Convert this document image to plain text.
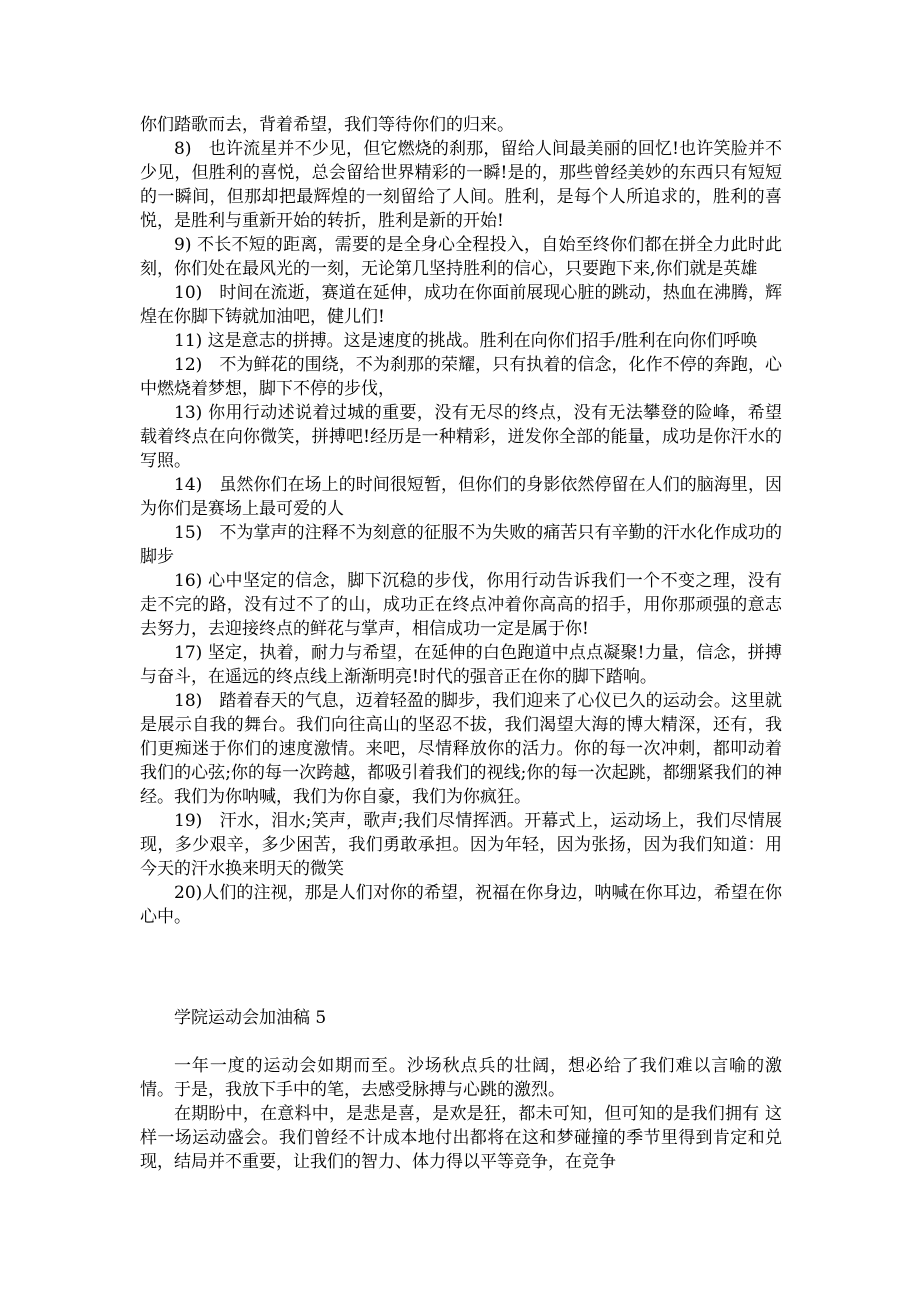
你们踏歌而去，背着希望，我们等待你们的归来。

8)　也许流星并不少见，但它燃烧的刹那，留给人间最美丽的回忆!也许笑脸并不少见，但胜利的喜悦，总会留给世界精彩的一瞬!是的，那些曾经美妙的东西只有短短的一瞬间，但那却把最辉煌的一刻留给了人间。胜利，是每个人所追求的，胜利的喜悦，是胜利与重新开始的转折，胜利是新的开始!

9) 不长不短的距离，需要的是全身心全程投入，自始至终你们都在拼全力此时此刻，你们处在最风光的一刻，无论第几坚持胜利的信心，只要跑下来,你们就是英雄

10)　时间在流逝，赛道在延伸，成功在你面前展现心脏的跳动，热血在沸腾，辉煌在你脚下铸就加油吧，健儿们!

11) 这是意志的拼搏。这是速度的挑战。胜利在向你们招手/胜利在向你们呼唤

12)　不为鲜花的围绕，不为刹那的荣耀，只有执着的信念，化作不停的奔跑，心中燃烧着梦想，脚下不停的步伐，

13) 你用行动述说着过城的重要，没有无尽的终点，没有无法攀登的险峰，希望载着终点在向你微笑，拼搏吧!经历是一种精彩，迸发你全部的能量，成功是你汗水的写照。

14)　虽然你们在场上的时间很短暂，但你们的身影依然停留在人们的脑海里，因为你们是赛场上最可爱的人

15)　不为掌声的注释不为刻意的征服不为失败的痛苦只有辛勤的汗水化作成功的脚步

16) 心中坚定的信念，脚下沉稳的步伐，你用行动告诉我们一个不变之理，没有走不完的路，没有过不了的山，成功正在终点冲着你高高的招手，用你那顽强的意志去努力，去迎接终点的鲜花与掌声，相信成功一定是属于你!

17) 坚定，执着，耐力与希望，在延伸的白色跑道中点点凝聚!力量，信念，拼搏与奋斗，在遥远的终点线上渐渐明亮!时代的强音正在你的脚下踏响。

18)　踏着春天的气息，迈着轻盈的脚步，我们迎来了心仪已久的运动会。这里就是展示自我的舞台。我们向往高山的坚忍不拔，我们渴望大海的博大精深，还有，我们更痴迷于你们的速度激情。来吧，尽情释放你的活力。你的每一次冲刺，都叩动着我们的心弦;你的每一次跨越，都吸引着我们的视线;你的每一次起跳，都绷紧我们的神经。我们为你呐喊，我们为你自豪，我们为你疯狂。

19)　汗水，泪水;笑声，歌声;我们尽情挥洒。开幕式上，运动场上，我们尽情展现，多少艰辛，多少困苦，我们勇敢承担。因为年轻，因为张扬，因为我们知道：用今天的汗水换来明天的微笑

20)人们的注视，那是人们对你的希望，祝福在你身边，呐喊在你耳边，希望在你心中。

学院运动会加油稿 5

一年一度的运动会如期而至。沙场秋点兵的壮阔，想必给了我们难以言喻的激情。于是，我放下手中的笔，去感受脉搏与心跳的激烈。

在期盼中，在意料中，是悲是喜，是欢是狂，都未可知，但可知的是我们拥有 这样一场运动盛会。我们曾经不计成本地付出都将在这和梦碰撞的季节里得到肯定和兑现，结局并不重要，让我们的智力、体力得以平等竞争，在竞争
